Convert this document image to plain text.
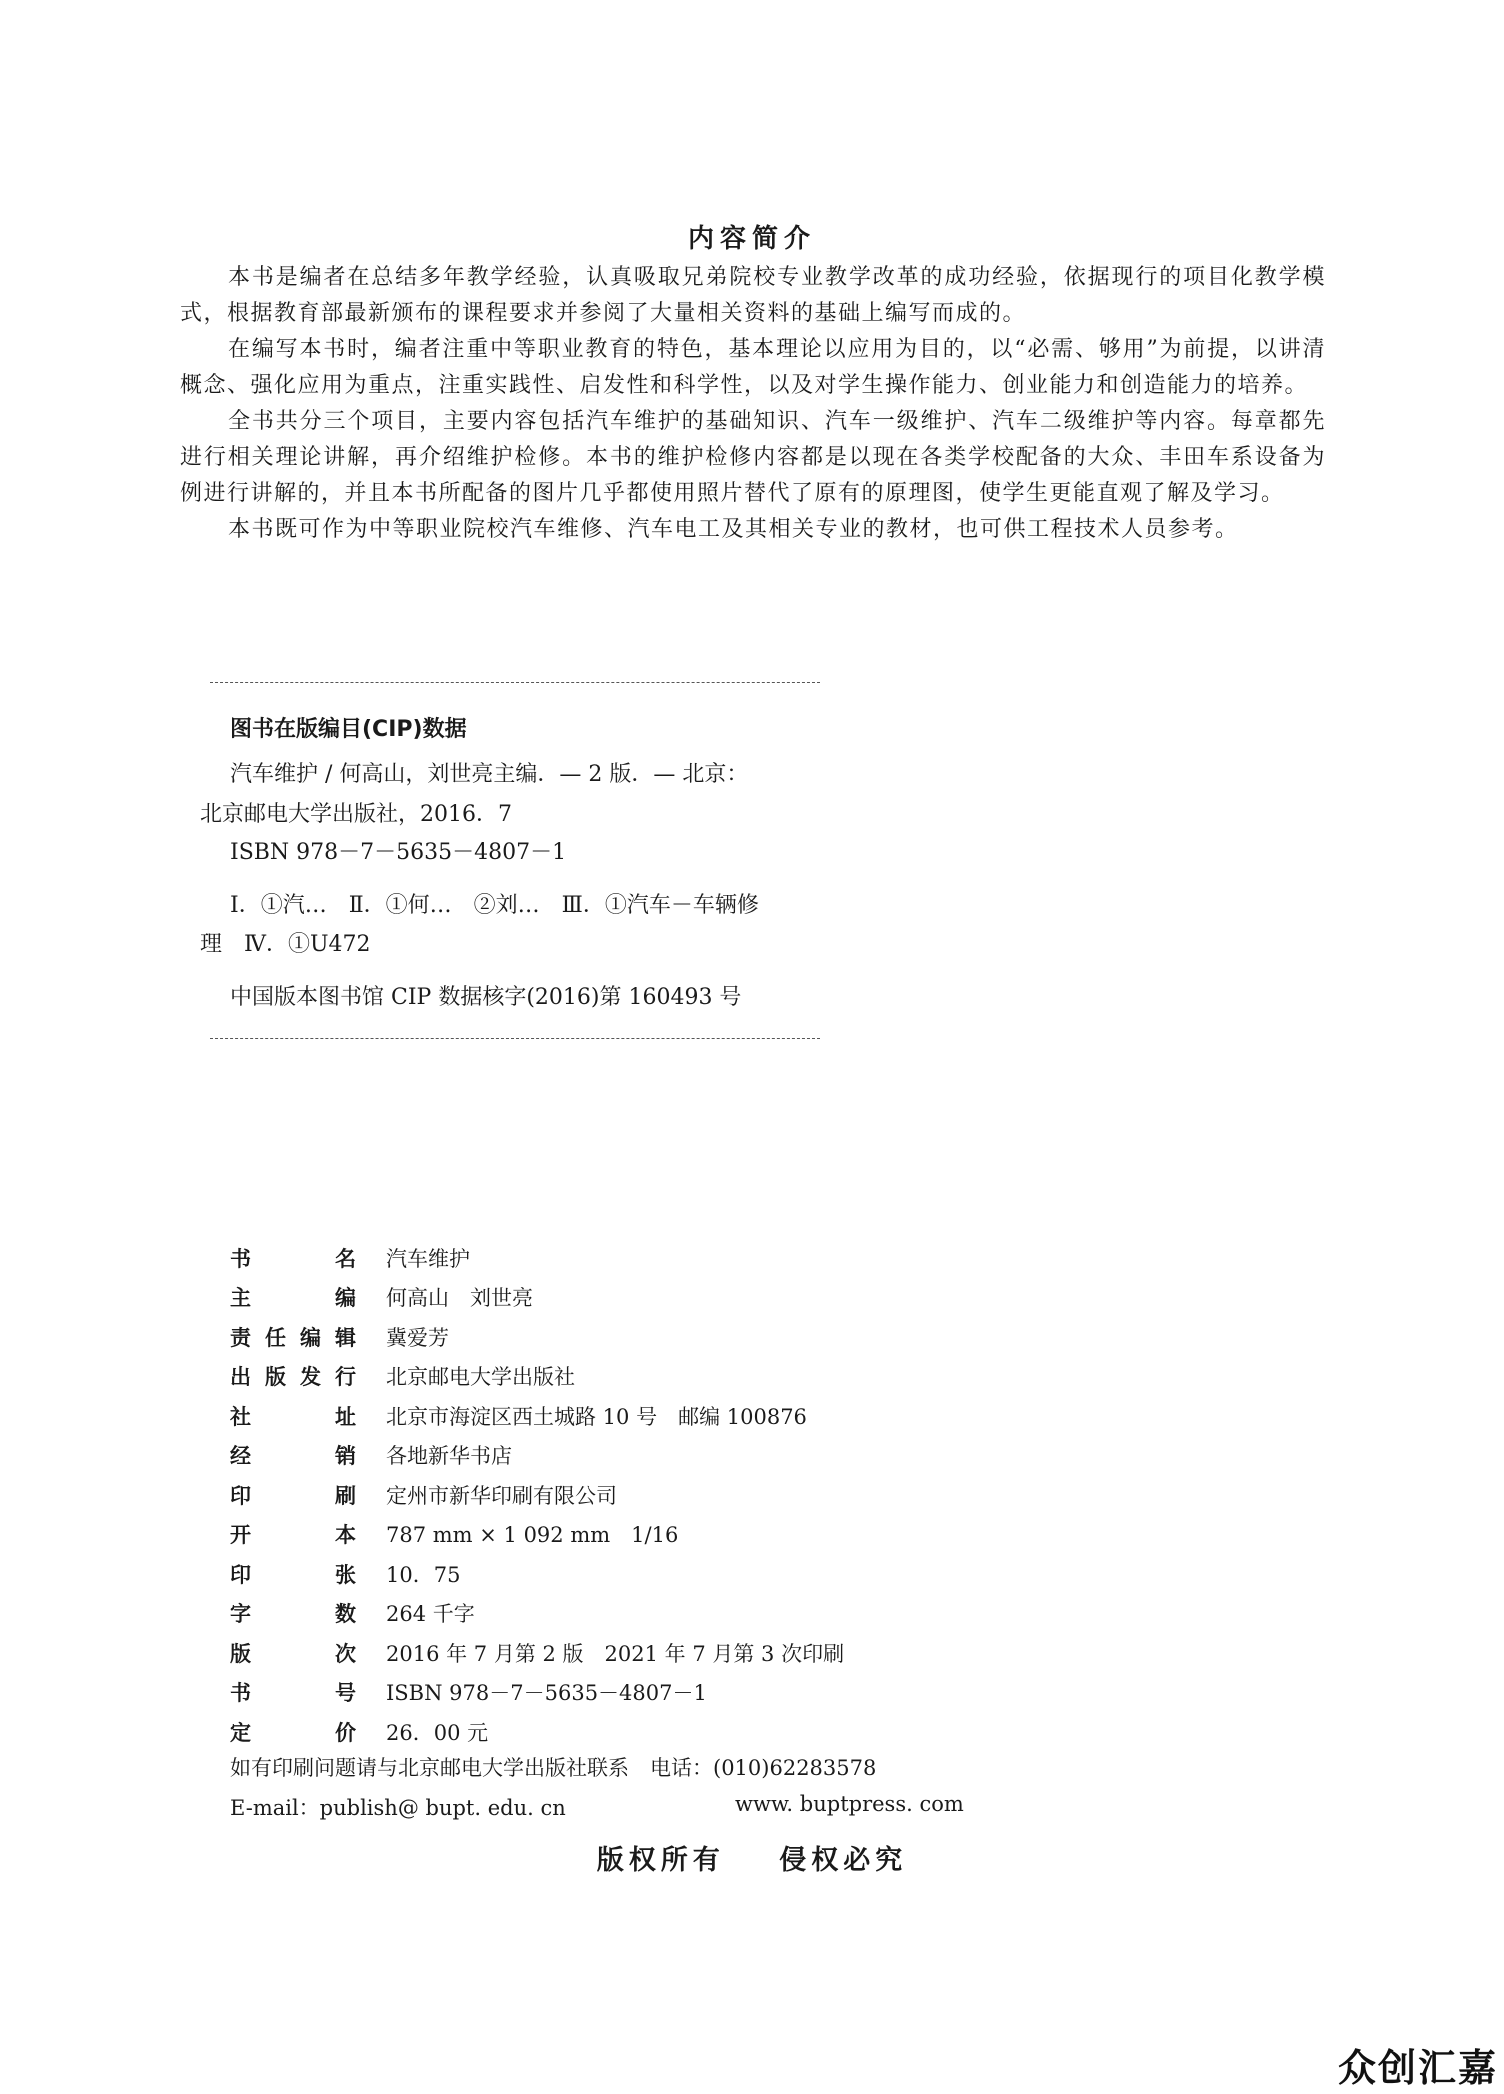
内容简介

本书是编者在总结多年教学经验，认真吸取兄弟院校专业教学改革的成功经验，依据现行的项目化教学模式，根据教育部最新颁布的课程要求并参阅了大量相关资料的基础上编写而成的。

在编写本书时，编者注重中等职业教育的特色，基本理论以应用为目的，以“必需、够用”为前提，以讲清概念、强化应用为重点，注重实践性、启发性和科学性，以及对学生操作能力、创业能力和创造能力的培养。

全书共分三个项目，主要内容包括汽车维护的基础知识、汽车一级维护、汽车二级维护等内容。每章都先进行相关理论讲解，再介绍维护检修。本书的维护检修内容都是以现在各类学校配备的大众、丰田车系设备为例进行讲解的，并且本书所配备的图片几乎都使用照片替代了原有的原理图，使学生更能直观了解及学习。

本书既可作为中等职业院校汽车维修、汽车电工及其相关专业的教材，也可供工程技术人员参考。

图书在版编目(CIP)数据
汽车维护 / 何高山，刘世亮主编．— 2 版．— 北京：
北京邮电大学出版社，2016．7
ISBN 978－7－5635－4807－1
Ⅰ．①汽…　Ⅱ．①何…　②刘…　Ⅲ．①汽车－车辆修
理　Ⅳ．①U472
中国版本图书馆 CIP 数据核字(2016)第 160493 号
书	名 汽车维护
主	编 何高山　刘世亮
责 任 编 辑 冀爱芳
出 版 发 行 北京邮电大学出版社
社	址 北京市海淀区西土城路 10 号　邮编 100876
经	销 各地新华书店
印	刷 定州市新华印刷有限公司
开	本 787 mm × 1 092 mm　1/16
印	张 10．75
字	数 264 千字
版	次 2016 年 7 月第 2 版　2021 年 7 月第 3 次印刷
书	号 ISBN 978－7－5635－4807－1
定	价 26．00 元
如有印刷问题请与北京邮电大学出版社联系　电话：(010)62283578
E-mail：publish@ bupt. edu. cn	www. buptpress. com
版权所有 侵权必究
众创汇嘉
